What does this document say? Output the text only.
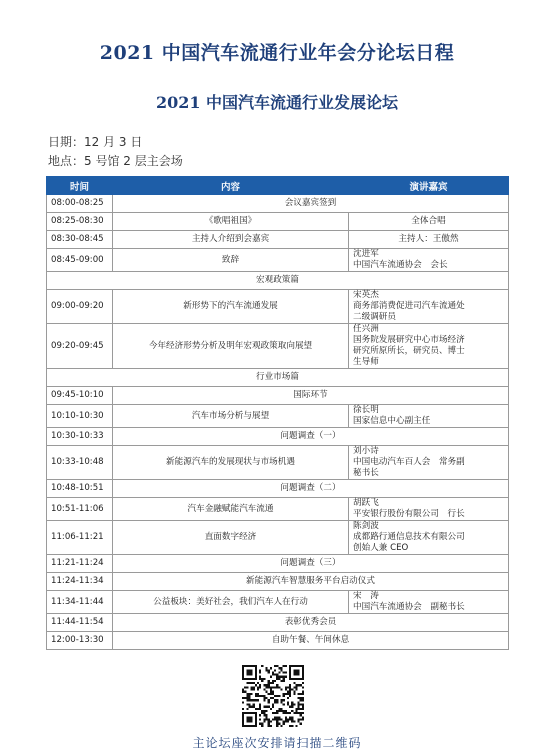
2021 中国汽车流通行业年会分论坛日程
2021 中国汽车流通行业发展论坛
日期：12 月 3 日
地点：5 号馆 2 层主会场
时间	内容	演讲嘉宾
08:00-08:25	会议嘉宾签到	
08:25-08:30	《歌唱祖国》	全体合唱
08:30-08:45	主持人介绍到会嘉宾	主持人：王傲然
08:45-09:00	致辞	沈进军中国汽车流通协会　会长
宏观政策篇		
09:00-09:20	新形势下的汽车流通发展	宋英杰商务部消费促进司汽车流通处二级调研员
09:20-09:45	今年经济形势分析及明年宏观政策取向展望	任兴洲国务院发展研究中心市场经济研究所原所长，研究员、博士生导师
行业市场篇		
09:45-10:10	国际环节	
10:10-10:30	汽车市场分析与展望	徐长明国家信息中心副主任
10:30-10:33	问题调查（一）	
10:33-10:48	新能源汽车的发展现状与市场机遇	刘小诗中国电动汽车百人会　常务副秘书长
10:48-10:51	问题调查（二）	
10:51-11:06	汽车金融赋能汽车流通	胡跃飞平安银行股份有限公司　行长
11:06-11:21	直面数字经济	陈剑波成都路行通信息技术有限公司创始人兼 CEO
11:21-11:24	问题调查（三）	
11:24-11:34	新能源汽车智慧服务平台启动仪式	
11:34-11:44	公益板块：美好社会，我们汽车人在行动	宋　涛中国汽车流通协会　副秘书长
11:44-11:54	表彰优秀会员	
12:00-13:30	自助午餐、午间休息	
主论坛座次安排请扫描二维码
